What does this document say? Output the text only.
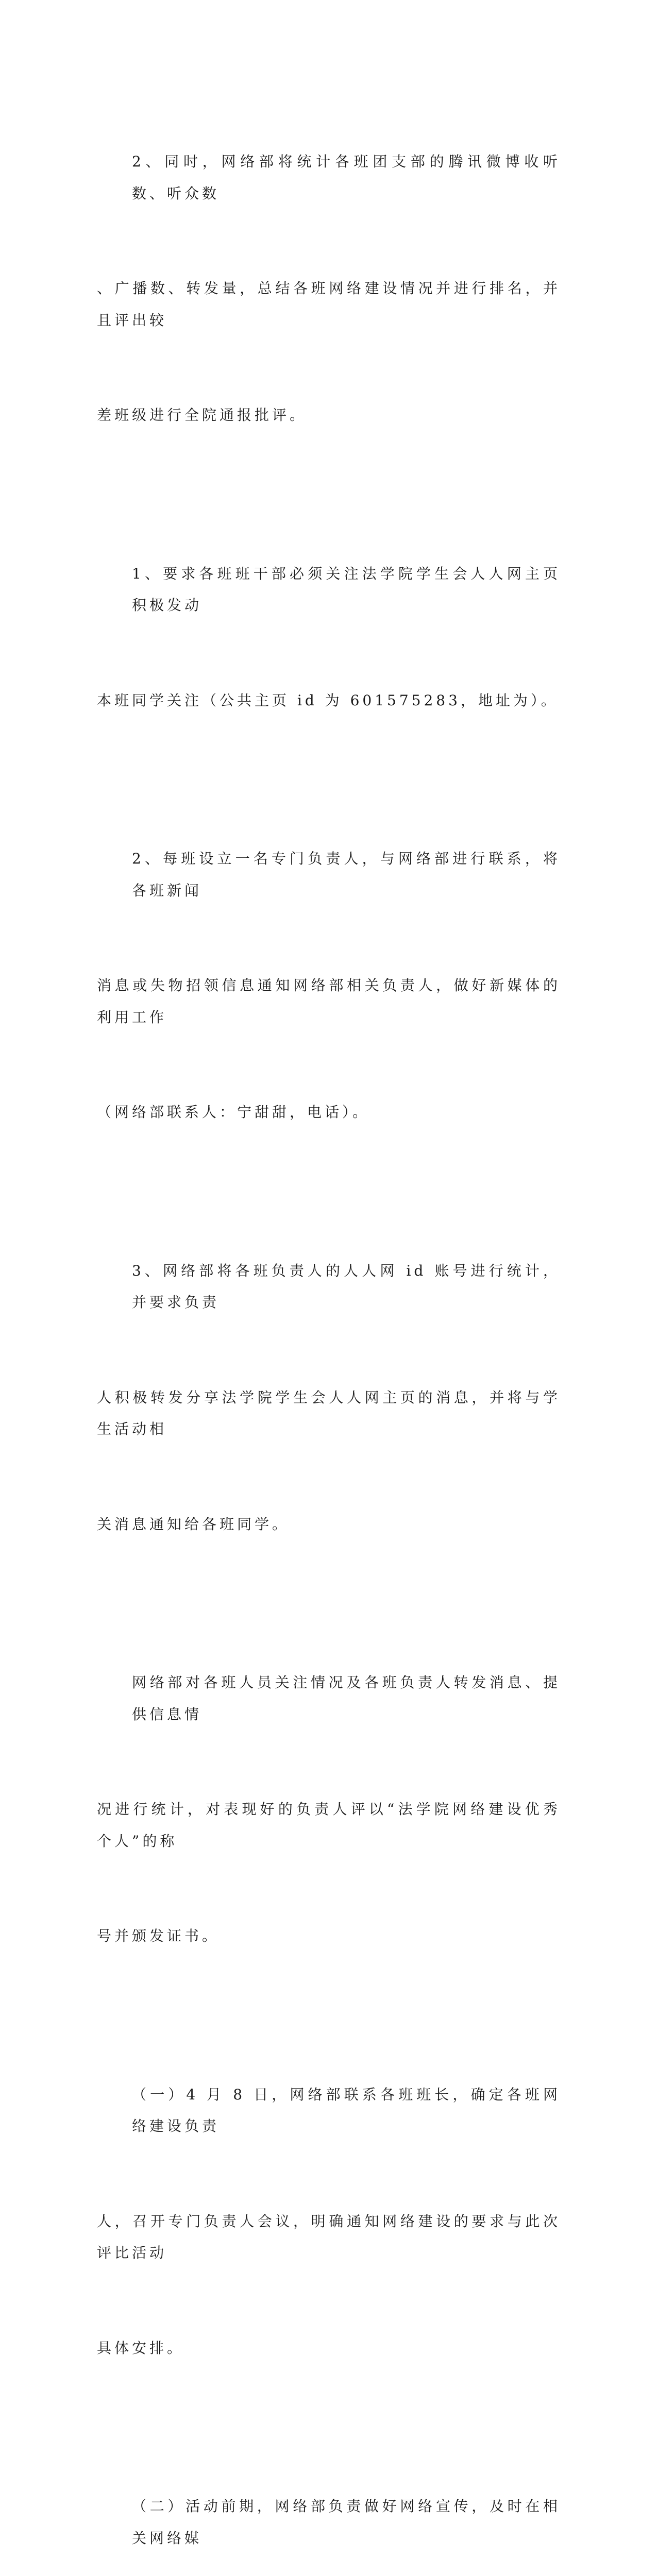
2、同时，网络部将统计各班团支部的腾讯微博收听数、听众数

、广播数、转发量，总结各班网络建设情况并进行排名，并且评出较

差班级进行全院通报批评。

1、要求各班班干部必须关注法学院学生会人人网主页积极发动

本班同学关注（公共主页 id 为 601575283，地址为）。

2、每班设立一名专门负责人，与网络部进行联系，将各班新闻

消息或失物招领信息通知网络部相关负责人，做好新媒体的利用工作

（网络部联系人：宁甜甜，电话）。

3、网络部将各班负责人的人人网 id 账号进行统计，并要求负责

人积极转发分享法学院学生会人人网主页的消息，并将与学生活动相

关消息通知给各班同学。

网络部对各班人员关注情况及各班负责人转发消息、提供信息情

况进行统计，对表现好的负责人评以“法学院网络建设优秀个人”的称

号并颁发证书。

（一）4 月 8 日，网络部联系各班班长，确定各班网络建设负责

人，召开专门负责人会议，明确通知网络建设的要求与此次评比活动

具体安排。

（二）活动前期，网络部负责做好网络宣传，及时在相关网络媒
